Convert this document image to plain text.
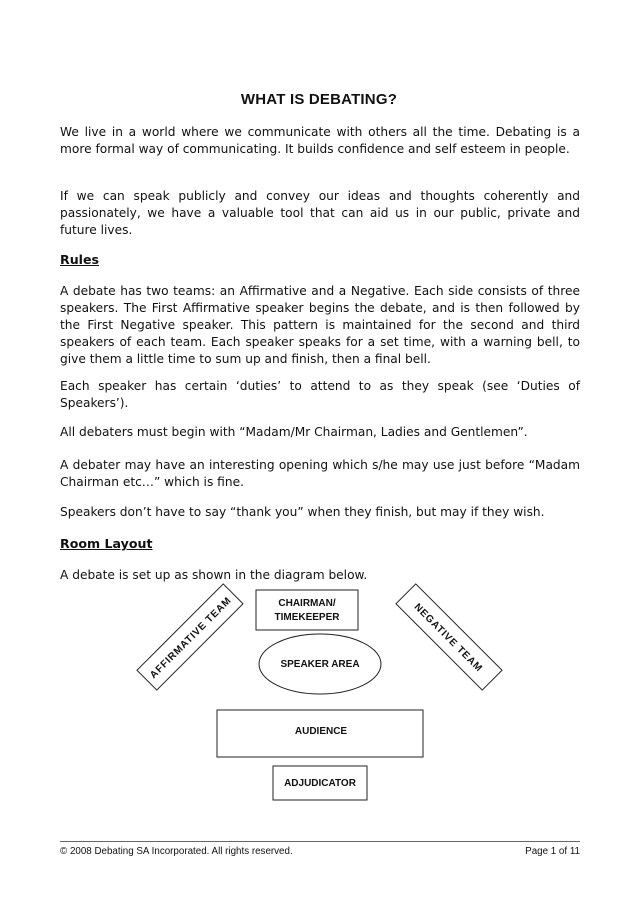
WHAT IS DEBATING?

We live in a world where we communicate with others all the time. Debating is a more formal way of communicating. It builds confidence and self esteem in people.

If we can speak publicly and convey our ideas and thoughts coherently and passionately, we have a valuable tool that can aid us in our public, private and future lives.

Rules

A debate has two teams: an Affirmative and a Negative. Each side consists of three speakers. The First Affirmative speaker begins the debate, and is then followed by the First Negative speaker. This pattern is maintained for the second and third speakers of each team. Each speaker speaks for a set time, with a warning bell, to give them a little time to sum up and finish, then a final bell.

Each speaker has certain ‘duties’ to attend to as they speak (see ‘Duties of Speakers’).

All debaters must begin with “Madam/Mr Chairman, Ladies and Gentlemen”.

A debater may have an interesting opening which s/he may use just before “Madam Chairman etc…” which is fine.

Speakers don’t have to say “thank you” when they finish, but may if they wish.

Room Layout

A debate is set up as shown in the diagram below.

CHAIRMAN/
TIMEKEEPER
AFFIRMATIVE TEAM	NEGATIVE TEAM
SPEAKER AREA
AUDIENCE
ADJUDICATOR
© 2008 Debating SA Incorporated. All rights reserved.	Page 1 of 11
